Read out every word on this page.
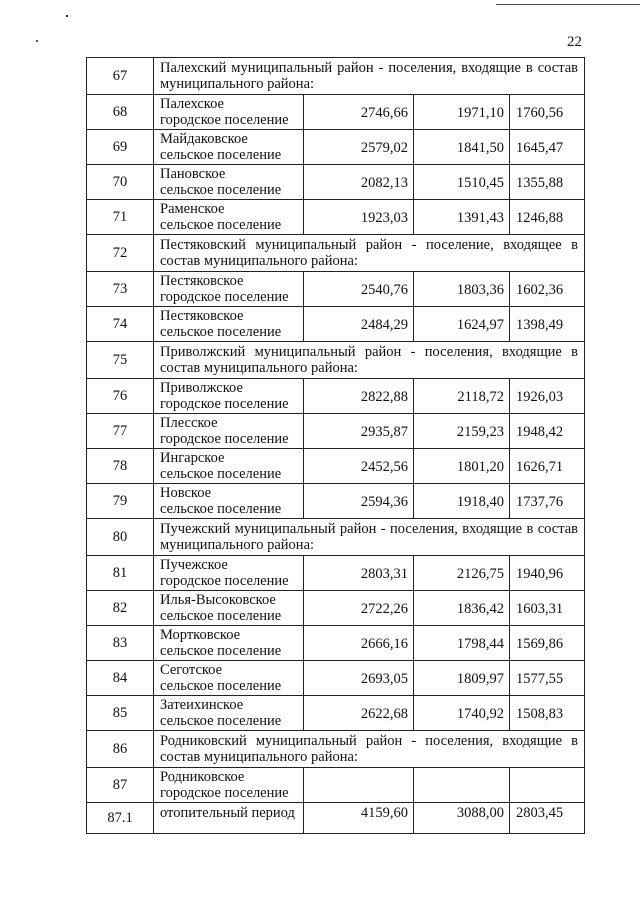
22
67	Палехский муниципальный район - поселения, входящие в состав муниципального района:			
68	Палехское
городское поселение	2746,66	1971,10	1760,56
69	Майдаковское
сельское поселение	2579,02	1841,50	1645,47
70	Пановское
сельское поселение	2082,13	1510,45	1355,88
71	Раменское
сельское поселение	1923,03	1391,43	1246,88
72	Пестяковский муниципальный район - поселение, входящее в состав муниципального района:			
73	Пестяковское
городское поселение	2540,76	1803,36	1602,36
74	Пестяковское
сельское поселение	2484,29	1624,97	1398,49
75	Приволжский муниципальный район - поселения, входящие в состав муниципального района:			
76	Приволжское
городское поселение	2822,88	2118,72	1926,03
77	Плесское
городское поселение	2935,87	2159,23	1948,42
78	Ингарское
сельское поселение	2452,56	1801,20	1626,71
79	Новское
сельское поселение	2594,36	1918,40	1737,76
80	Пучежский муниципальный район - поселения, входящие в состав муниципального района:			
81	Пучежское
городское поселение	2803,31	2126,75	1940,96
82	Илья-Высоковское
сельское поселение	2722,26	1836,42	1603,31
83	Мортковское
сельское поселение	2666,16	1798,44	1569,86
84	Сеготское
сельское поселение	2693,05	1809,97	1577,55
85	Затеихинское
сельское поселение	2622,68	1740,92	1508,83
86	Родниковский муниципальный район - поселения, входящие в состав муниципального района:			
87	Родниковское
городское поселение			

87.1	отопительный период	4159,60	3088,00	2803,45
